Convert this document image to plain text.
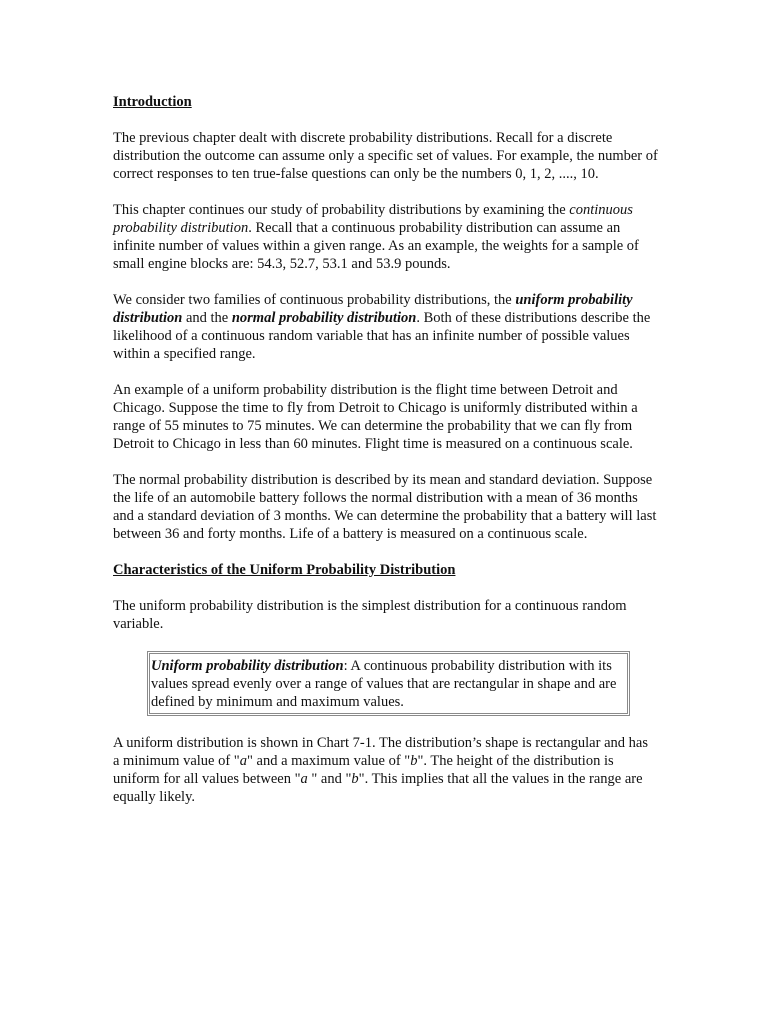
Introduction

The previous chapter dealt with discrete probability distributions. Recall for a discrete distribution the outcome can assume only a specific set of values. For example, the number of correct responses to ten true-false questions can only be the numbers 0, 1, 2, ...., 10.

This chapter continues our study of probability distributions by examining the continuous probability distribution. Recall that a continuous probability distribution can assume an infinite number of values within a given range. As an example, the weights for a sample of small engine blocks are: 54.3, 52.7, 53.1 and 53.9 pounds.

We consider two families of continuous probability distributions, the uniform probability distribution and the normal probability distribution. Both of these distributions describe the likelihood of a continuous random variable that has an infinite number of possible values within a specified range.

An example of a uniform probability distribution is the flight time between Detroit and Chicago. Suppose the time to fly from Detroit to Chicago is uniformly distributed within a range of 55 minutes to 75 minutes. We can determine the probability that we can fly from Detroit to Chicago in less than 60 minutes. Flight time is measured on a continuous scale.

The normal probability distribution is described by its mean and standard deviation. Suppose the life of an automobile battery follows the normal distribution with a mean of 36 months and a standard deviation of 3 months. We can determine the probability that a battery will last between 36 and forty months. Life of a battery is measured on a continuous scale.

Characteristics of the Uniform Probability Distribution

The uniform probability distribution is the simplest distribution for a continuous random variable.

Uniform probability distribution: A continuous probability distribution with its values spread evenly over a range of values that are rectangular in shape and are defined by minimum and maximum values.

A uniform distribution is shown in Chart 7-1. The distribution’s shape is rectangular and has a minimum value of "a" and a maximum value of "b". The height of the distribution is uniform for all values between "a " and "b". This implies that all the values in the range are equally likely.
